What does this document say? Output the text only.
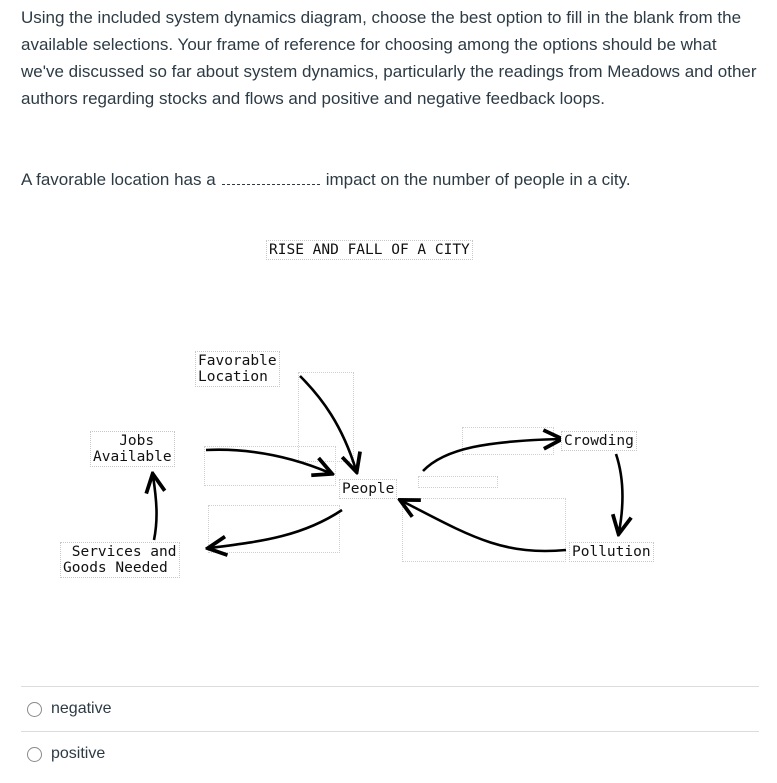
Using the included system dynamics diagram, choose the best option to fill in the blank from the available selections. Your frame of reference for choosing among the options should be what we've discussed so far about system dynamics, particularly the readings from Meadows and other authors regarding stocks and flows and positive and negative feedback loops.
A favorable location has a	impact on the number of people in a city.
RISE AND FALL OF A CITY
Favorable
Location
Jobs
Available
Services and
Goods Needed
People
Crowding
Pollution
negative
positive
